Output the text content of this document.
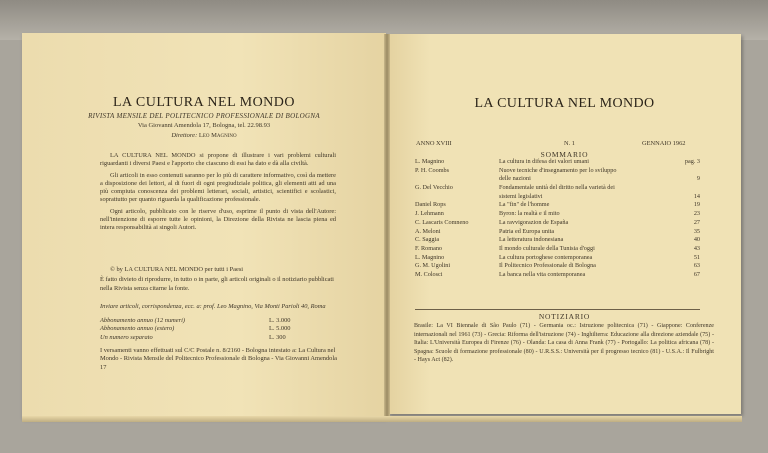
LA CULTURA NEL MONDO
RIVISTA MENSILE DEL POLITECNICO PROFESSIONALE DI BOLOGNA
Via Giovanni Amendola 17, Bologna, tel. 22.98.93
Direttore: Leo Magnino

LA CULTURA NEL MONDO si propone di illustrare i vari problemi culturali riguardanti i diversi Paesi e l'apporto che ciascuno di essi ha dato e dà alla civiltà.

Gli articoli in esso contenuti saranno per lo più di carattere informativo, così da mettere a disposizione dei lettori, al di fuori di ogni pregiudiziale politica, gli elementi atti ad una più compiuta conoscenza dei problemi letterari, sociali, artistici, scientifici e scolastici, soprattutto per quanto riguarda la qualificazione professionale.

Ogni articolo, pubblicato con le riserve d'uso, esprime il punto di vista dell'Autore: nell'intenzione di esporre tutte le opinioni, la Direzione della Rivista ne lascia piena ed intera responsabilità ai singoli Autori.

© by LA CULTURA NEL MONDO per tutti i Paesi

È fatto divieto di riprodurre, in tutto o in parte, gli articoli originali o il notiziario pubblicati nella Rivista senza citarne la fonte.

Inviare articoli, corrispondenza, ecc. a: prof. Leo Magnino, Via Monti Parioli 40, Roma
Abbonamento annuo (12 numeri)	L. 3.000
Abbonamento annuo (estero)	L. 5.000
Un numero separato	L. 300
I versamenti vanno effettuati sul C/C Postale n. 8/2160 - Bologna intestato a: La Cultura nel Mondo - Rivista Mensile del Politecnico Professionale di Bologna - Via Giovanni Amendola 17
LA CULTURA NEL MONDO
ANNO XVIII	N. 1	GENNAIO 1962
SOMMARIO
L. Magnino	La cultura in difesa dei valori umani	pag. 3
P. H. Coombs	Nuove tecniche d'insegnamento per lo sviluppo
delle nazioni	9
G. Del Vecchio	Fondamentale unità del diritto nella varietà dei
sistemi legislativi	14
Daniel Rops	La "fin" de l'homme	19
J. Lehmann	Byron: la realtà e il mito	23
C. Lascaris Comneno	La ravvigorazion de España	27
A. Meloni	Patria ed Europa unita	35
C. Saggia	La letteratura indonesiana	40
F. Romano	Il mondo culturale della Tunisia d'oggi	43
L. Magnino	La cultura portoghese contemporanea	51
G. M. Ugolini	Il Politecnico Professionale di Bologna	63
M. Colosci	La banca nella vita contemporanea	67
NOTIZIARIO
Brasile: La VI Biennale di São Paulo (71) - Germania oc.: Istruzione politecnica (71) - Giappone: Conferenze internazionali nel 1961 (73) - Grecia: Riforma dell'istruzione (74) - Inghilterra: Educazione alla direzione aziendale (75) - Italia: L'Università Europea di Firenze (76) - Olanda: La casa di Anna Frank (77) - Portogallo: La politica africana (78) - Spagna: Scuole di formazione professionale (80) - U.R.S.S.: Università per il progresso tecnico (81) - U.S.A.: Il Fulbright - Hays Act (82).
